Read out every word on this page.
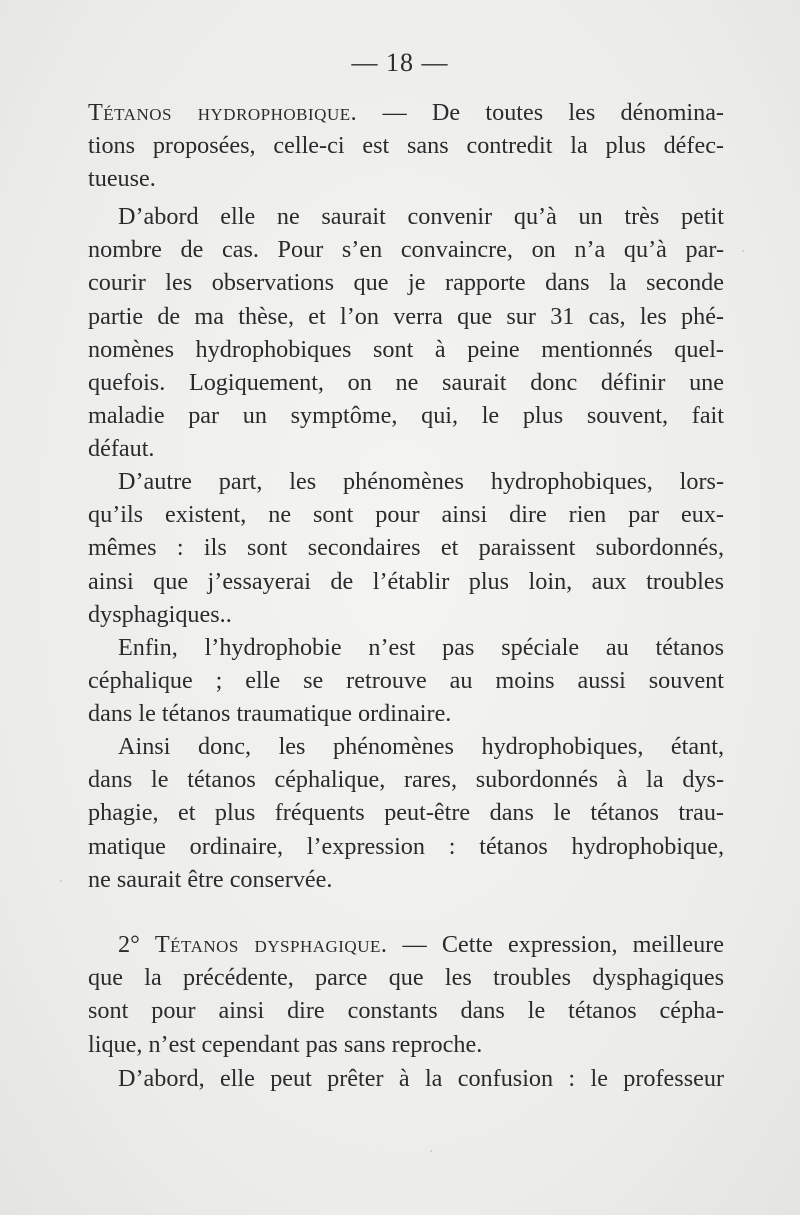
— 18 —
Tétanos hydrophobique. — De toutes les dénomina-
tions proposées, celle-ci est sans contredit la plus défec-
tueuse.
D’abord elle ne saurait convenir qu’à un très petit
nombre de cas. Pour s’en convaincre, on n’a qu’à par-
courir les observations que je rapporte dans la seconde
partie de ma thèse, et l’on verra que sur 31 cas, les phé-
nomènes hydrophobiques sont à peine mentionnés quel-
quefois. Logiquement, on ne saurait donc définir une
maladie par un symptôme, qui, le plus souvent, fait
défaut.
D’autre part, les phénomènes hydrophobiques, lors-
qu’ils existent, ne sont pour ainsi dire rien par eux-
mêmes : ils sont secondaires et paraissent subordonnés,
ainsi que j’essayerai de l’établir plus loin, aux troubles
dysphagiques..
Enfin, l’hydrophobie n’est pas spéciale au tétanos
céphalique ; elle se retrouve au moins aussi souvent
dans le tétanos traumatique ordinaire.
Ainsi donc, les phénomènes hydrophobiques, étant,
dans le tétanos céphalique, rares, subordonnés à la dys-
phagie, et plus fréquents peut-être dans le tétanos trau-
matique ordinaire, l’expression : tétanos hydrophobique,
ne saurait être conservée.
2° Tétanos dysphagique. — Cette expression, meilleure
que la précédente, parce que les troubles dysphagiques
sont pour ainsi dire constants dans le tétanos cépha-
lique, n’est cependant pas sans reproche.
D’abord, elle peut prêter à la confusion : le professeur
